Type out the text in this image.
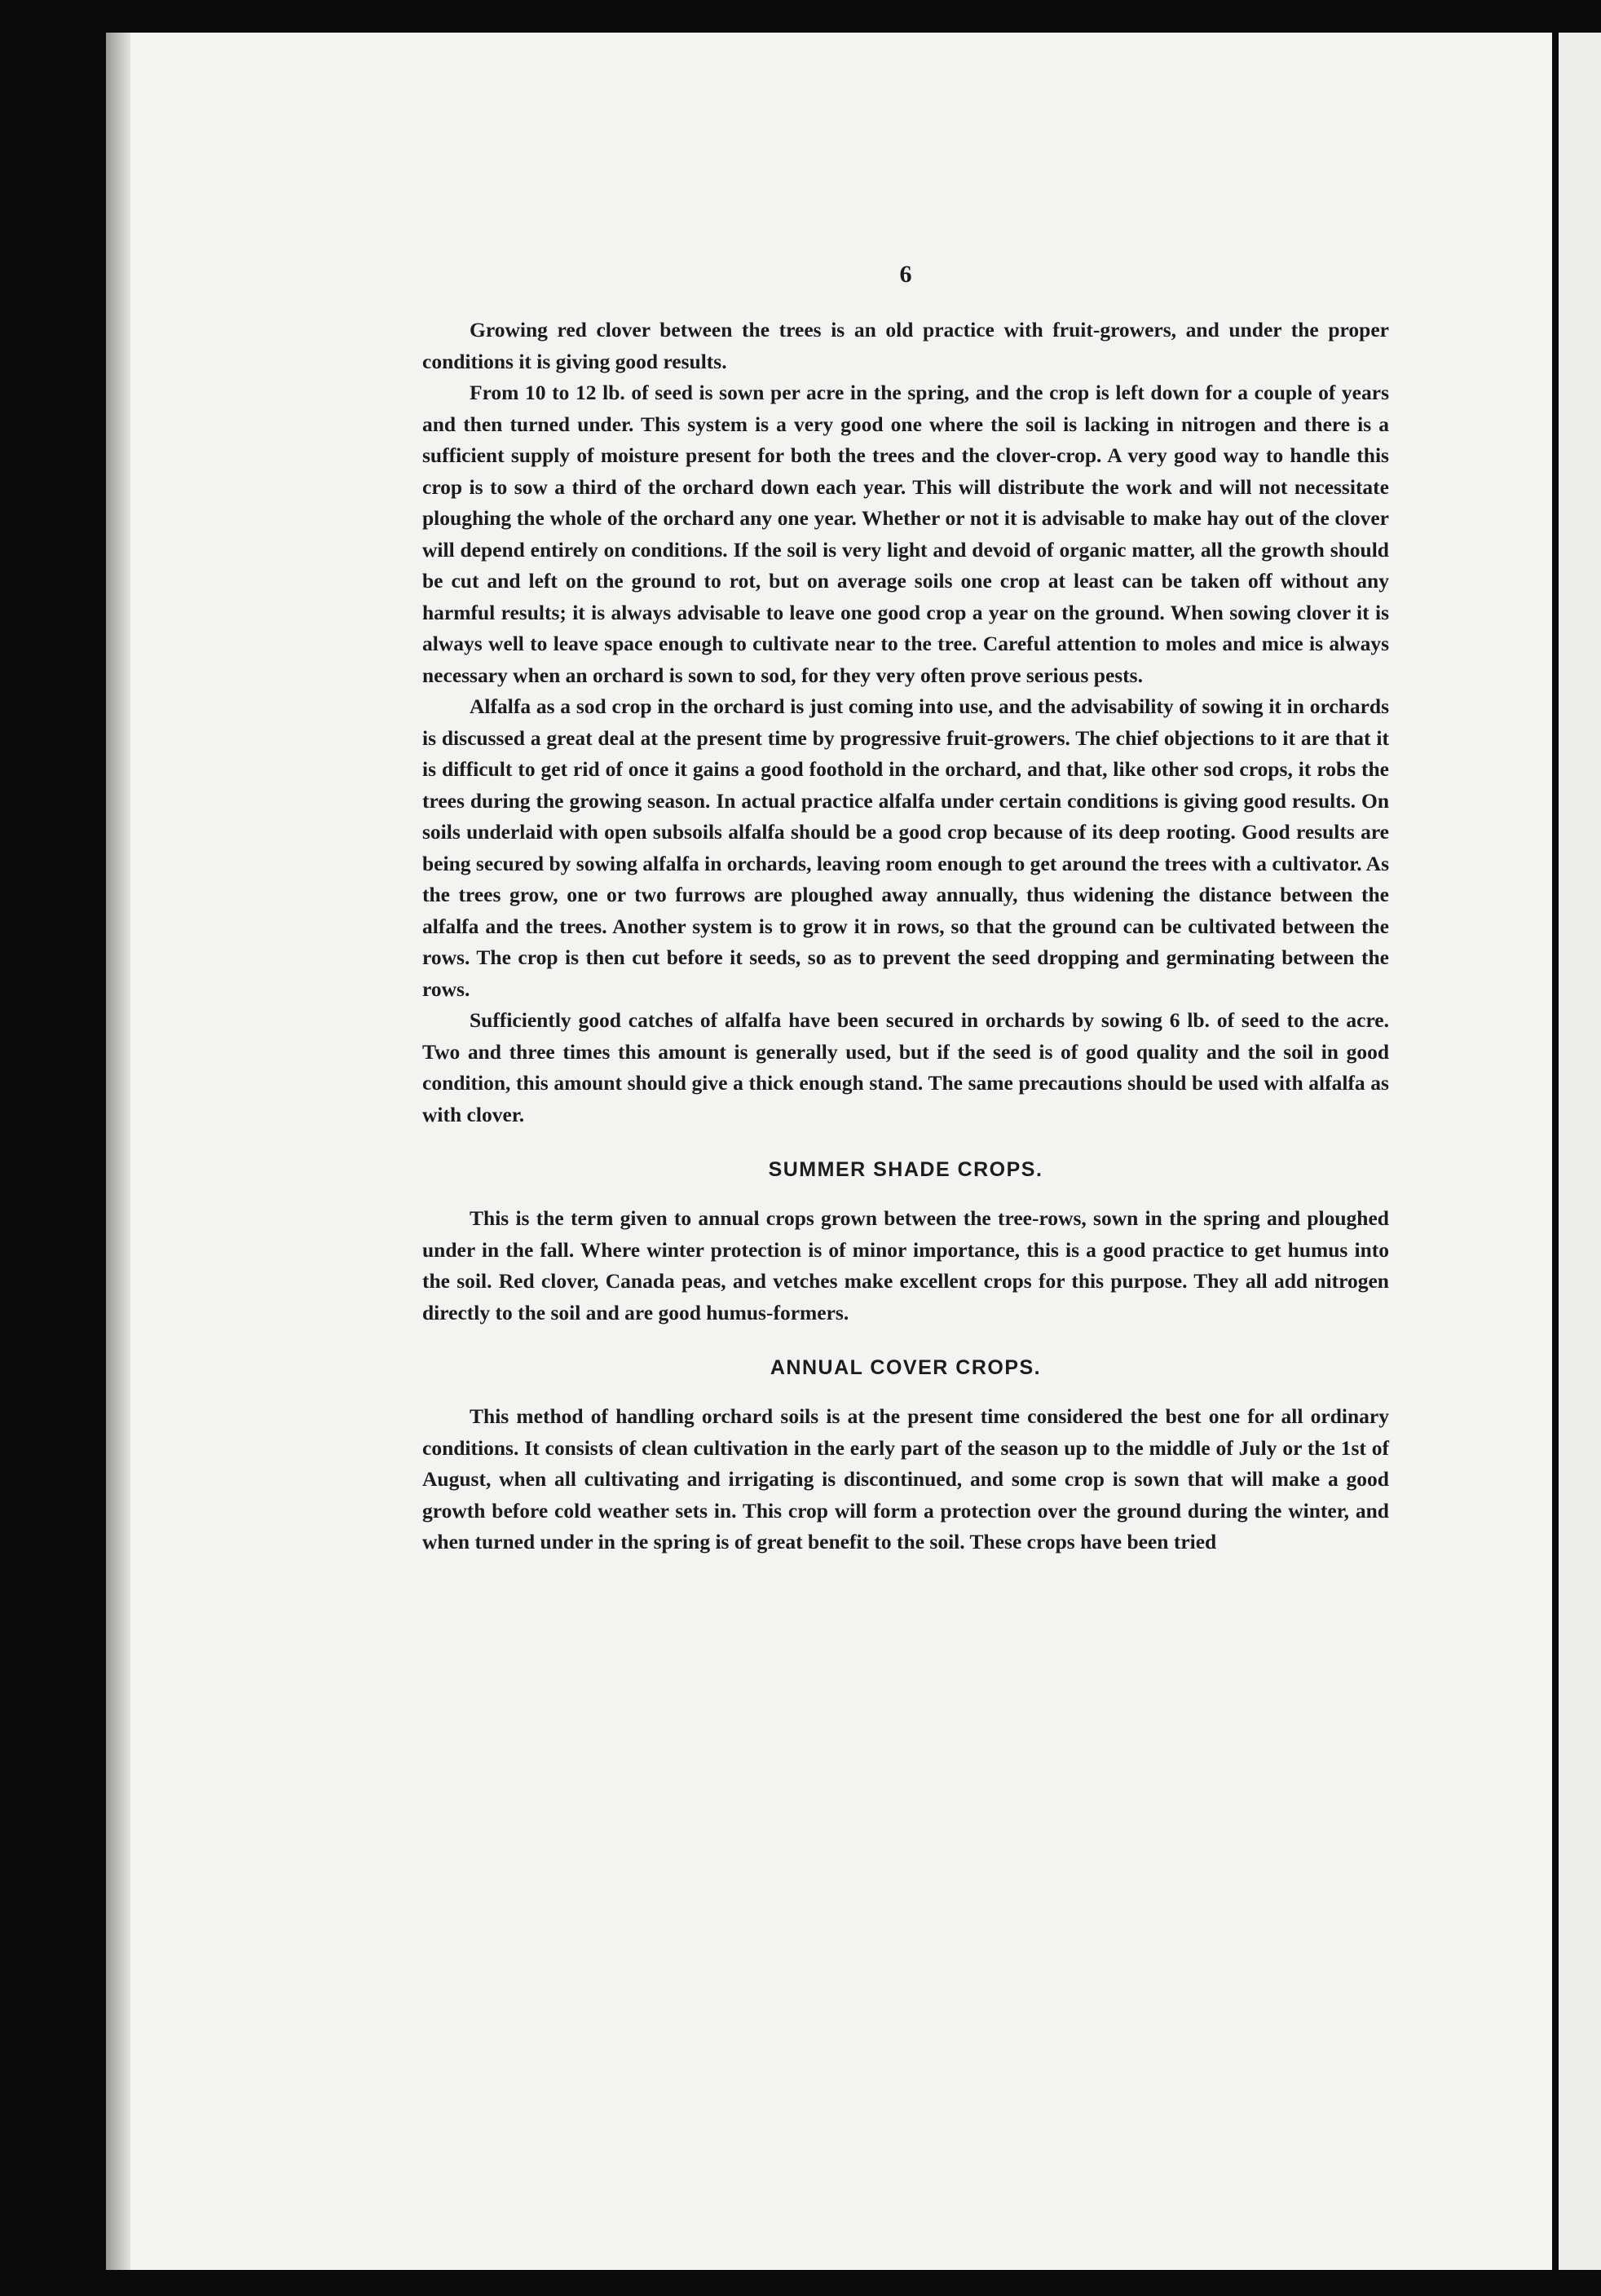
6

Growing red clover between the trees is an old practice with fruit-growers, and under the proper conditions it is giving good results.

From 10 to 12 lb. of seed is sown per acre in the spring, and the crop is left down for a couple of years and then turned under. This system is a very good one where the soil is lacking in nitrogen and there is a sufficient supply of moisture present for both the trees and the clover-crop. A very good way to handle this crop is to sow a third of the orchard down each year. This will distribute the work and will not necessitate ploughing the whole of the orchard any one year. Whether or not it is advisable to make hay out of the clover will depend entirely on conditions. If the soil is very light and devoid of organic matter, all the growth should be cut and left on the ground to rot, but on average soils one crop at least can be taken off without any harmful results; it is always advisable to leave one good crop a year on the ground. When sowing clover it is always well to leave space enough to cultivate near to the tree. Careful attention to moles and mice is always necessary when an orchard is sown to sod, for they very often prove serious pests.

Alfalfa as a sod crop in the orchard is just coming into use, and the advisability of sowing it in orchards is discussed a great deal at the present time by progressive fruit-growers. The chief objections to it are that it is difficult to get rid of once it gains a good foothold in the orchard, and that, like other sod crops, it robs the trees during the growing season. In actual practice alfalfa under certain conditions is giving good results. On soils underlaid with open subsoils alfalfa should be a good crop because of its deep rooting. Good results are being secured by sowing alfalfa in orchards, leaving room enough to get around the trees with a cultivator. As the trees grow, one or two furrows are ploughed away annually, thus widening the distance between the alfalfa and the trees. Another system is to grow it in rows, so that the ground can be cultivated between the rows. The crop is then cut before it seeds, so as to prevent the seed dropping and germinating between the rows.

Sufficiently good catches of alfalfa have been secured in orchards by sowing 6 lb. of seed to the acre. Two and three times this amount is generally used, but if the seed is of good quality and the soil in good condition, this amount should give a thick enough stand. The same precautions should be used with alfalfa as with clover.

SUMMER SHADE CROPS.

This is the term given to annual crops grown between the tree-rows, sown in the spring and ploughed under in the fall. Where winter protection is of minor importance, this is a good practice to get humus into the soil. Red clover, Canada peas, and vetches make excellent crops for this purpose. They all add nitrogen directly to the soil and are good humus-formers.

ANNUAL COVER CROPS.

This method of handling orchard soils is at the present time considered the best one for all ordinary conditions. It consists of clean cultivation in the early part of the season up to the middle of July or the 1st of August, when all cultivating and irrigating is discontinued, and some crop is sown that will make a good growth before cold weather sets in. This crop will form a protection over the ground during the winter, and when turned under in the spring is of great benefit to the soil. These crops have been tried
